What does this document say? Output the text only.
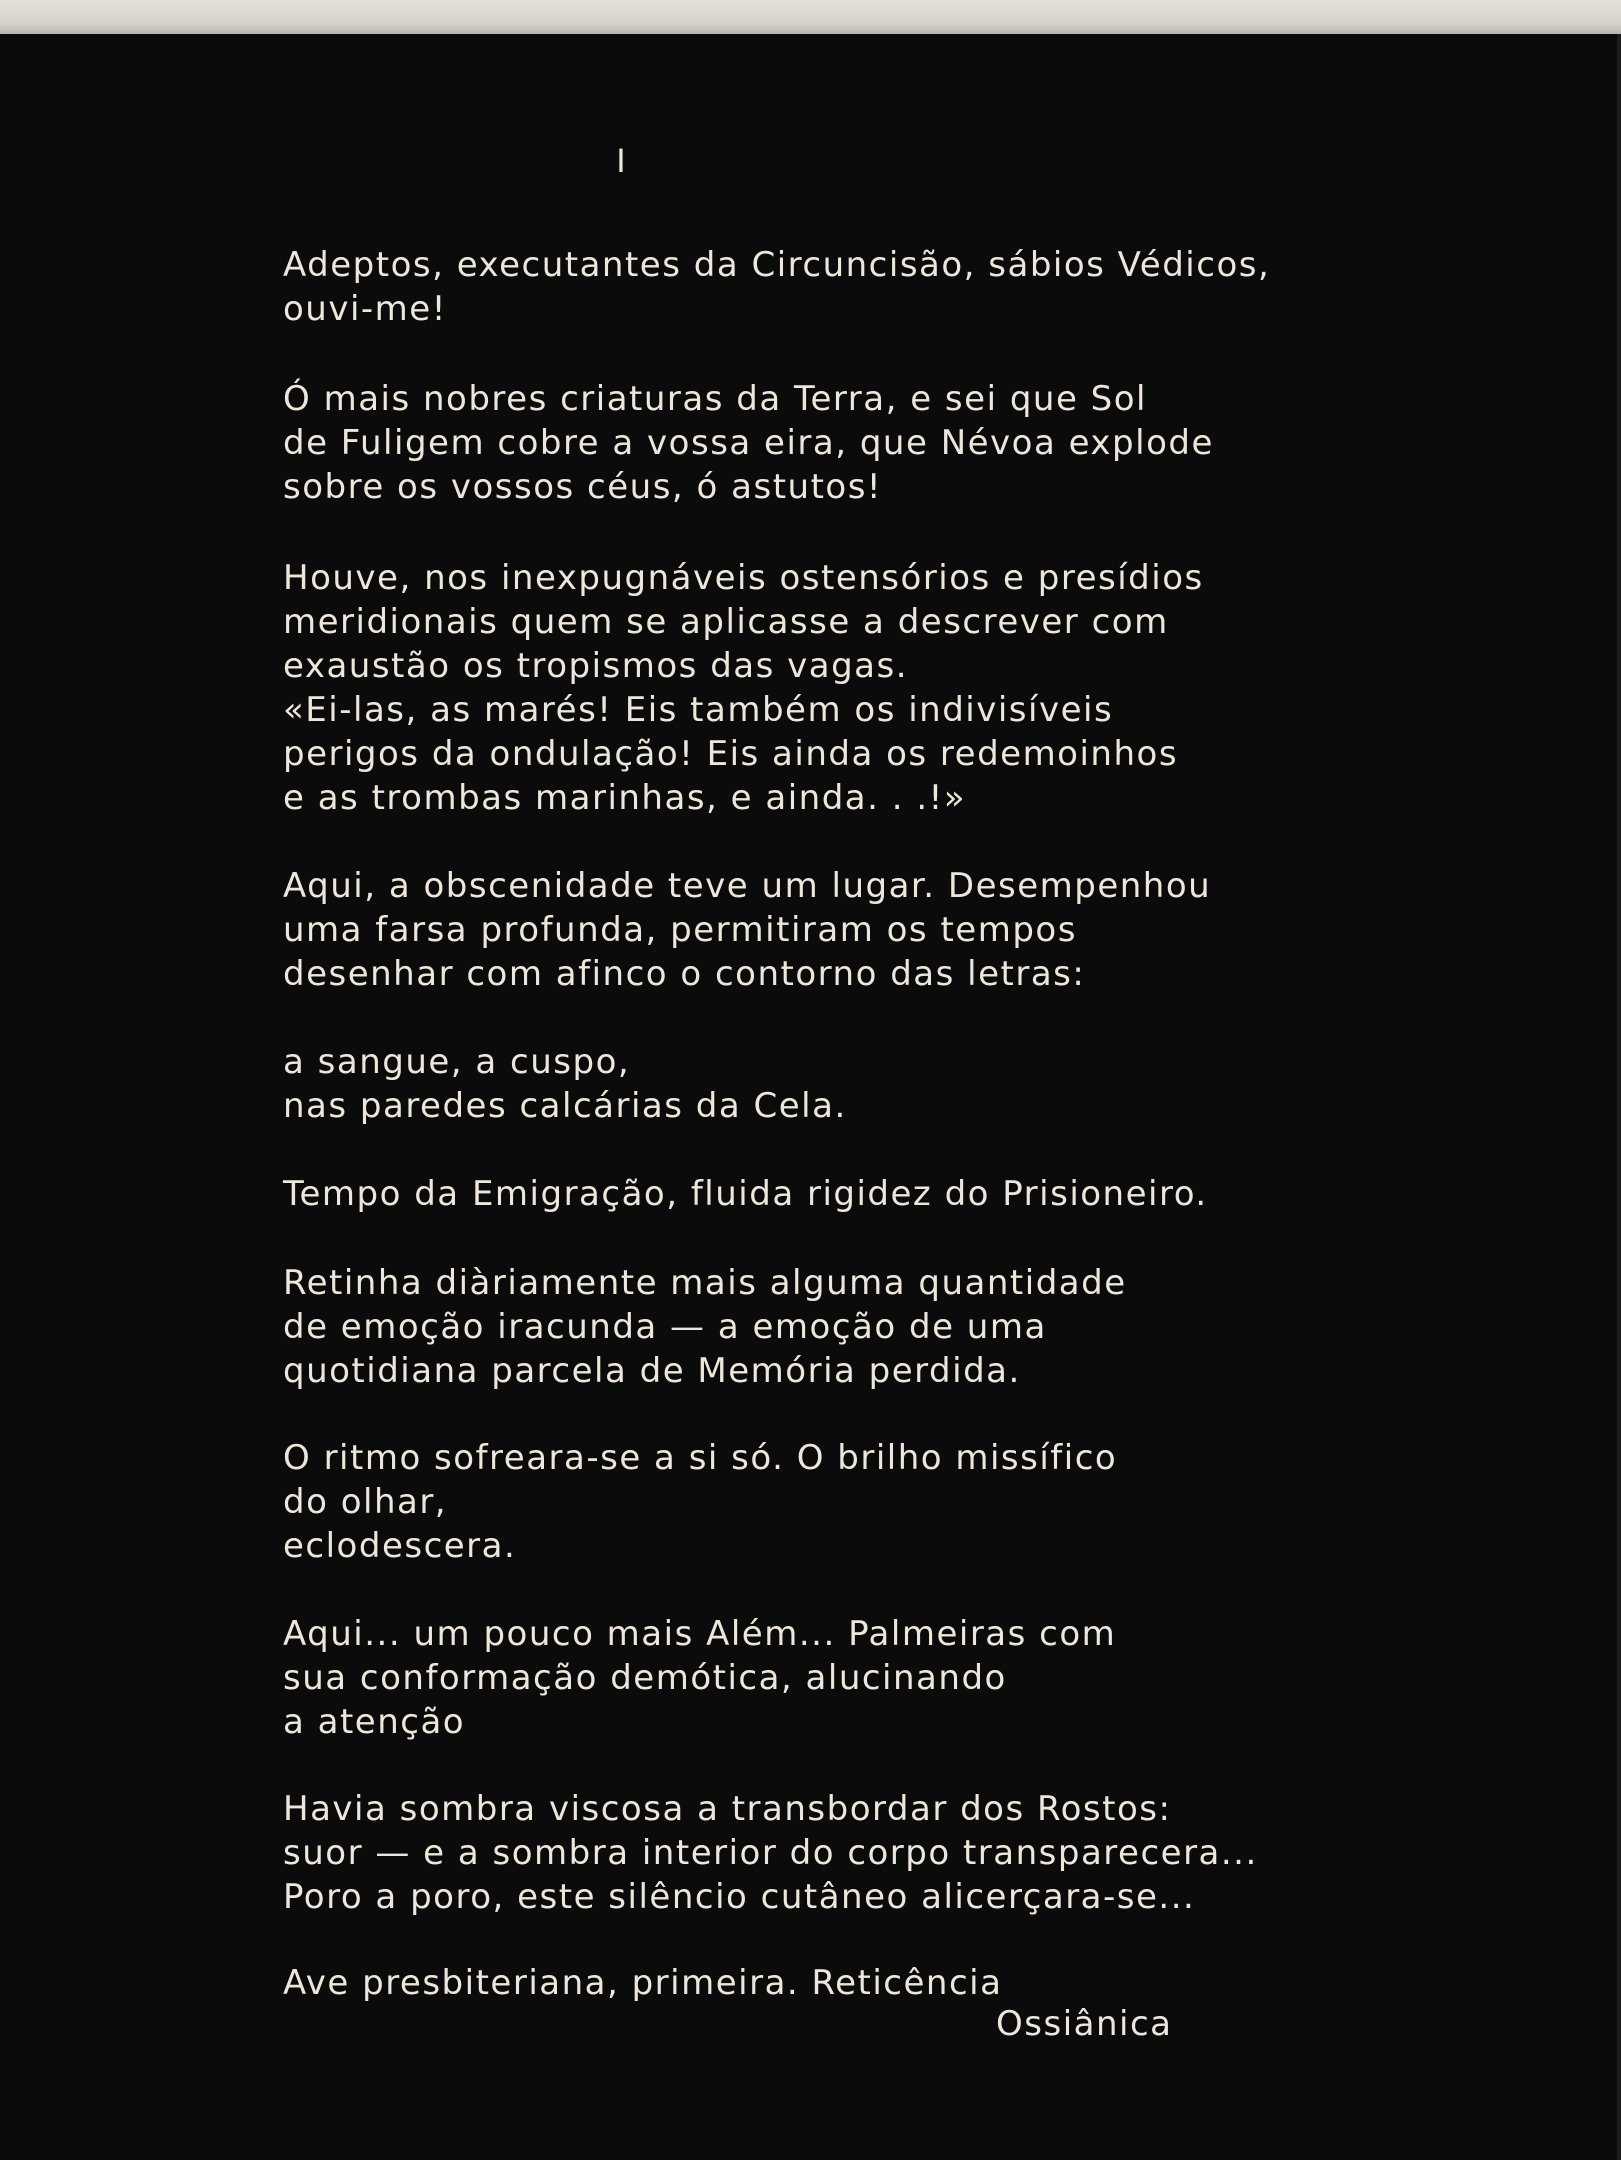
I

Adeptos, executantes da Circuncisão, sábios Védicos,
ouvi-me!

Ó mais nobres criaturas da Terra, e sei que Sol
de Fuligem cobre a vossa eira, que Névoa explode
sobre os vossos céus, ó astutos!

Houve, nos inexpugnáveis ostensórios e presídios
meridionais quem se aplicasse a descrever com
exaustão os tropismos das vagas.
«Ei-las, as marés! Eis também os indivisíveis
perigos da ondulação! Eis ainda os redemoinhos
e as trombas marinhas, e ainda. . .!»

Aqui, a obscenidade teve um lugar. Desempenhou
uma farsa profunda, permitiram os tempos
desenhar com afinco o contorno das letras:

a sangue, a cuspo,
nas paredes calcárias da Cela.

Tempo da Emigração, fluida rigidez do Prisioneiro.

Retinha diàriamente mais alguma quantidade
de emoção iracunda — a emoção de uma
quotidiana parcela de Memória perdida.

O ritmo sofreara-se a si só. O brilho missífico
do olhar,
eclodescera.

Aqui... um pouco mais Além... Palmeiras com
sua conformação demótica, alucinando
a atenção

Havia sombra viscosa a transbordar dos Rostos:
suor — e a sombra interior do corpo transparecera...
Poro a poro, este silêncio cutâneo alicerçara-se...

Ave presbiteriana, primeira. Reticência

Ossiânica
